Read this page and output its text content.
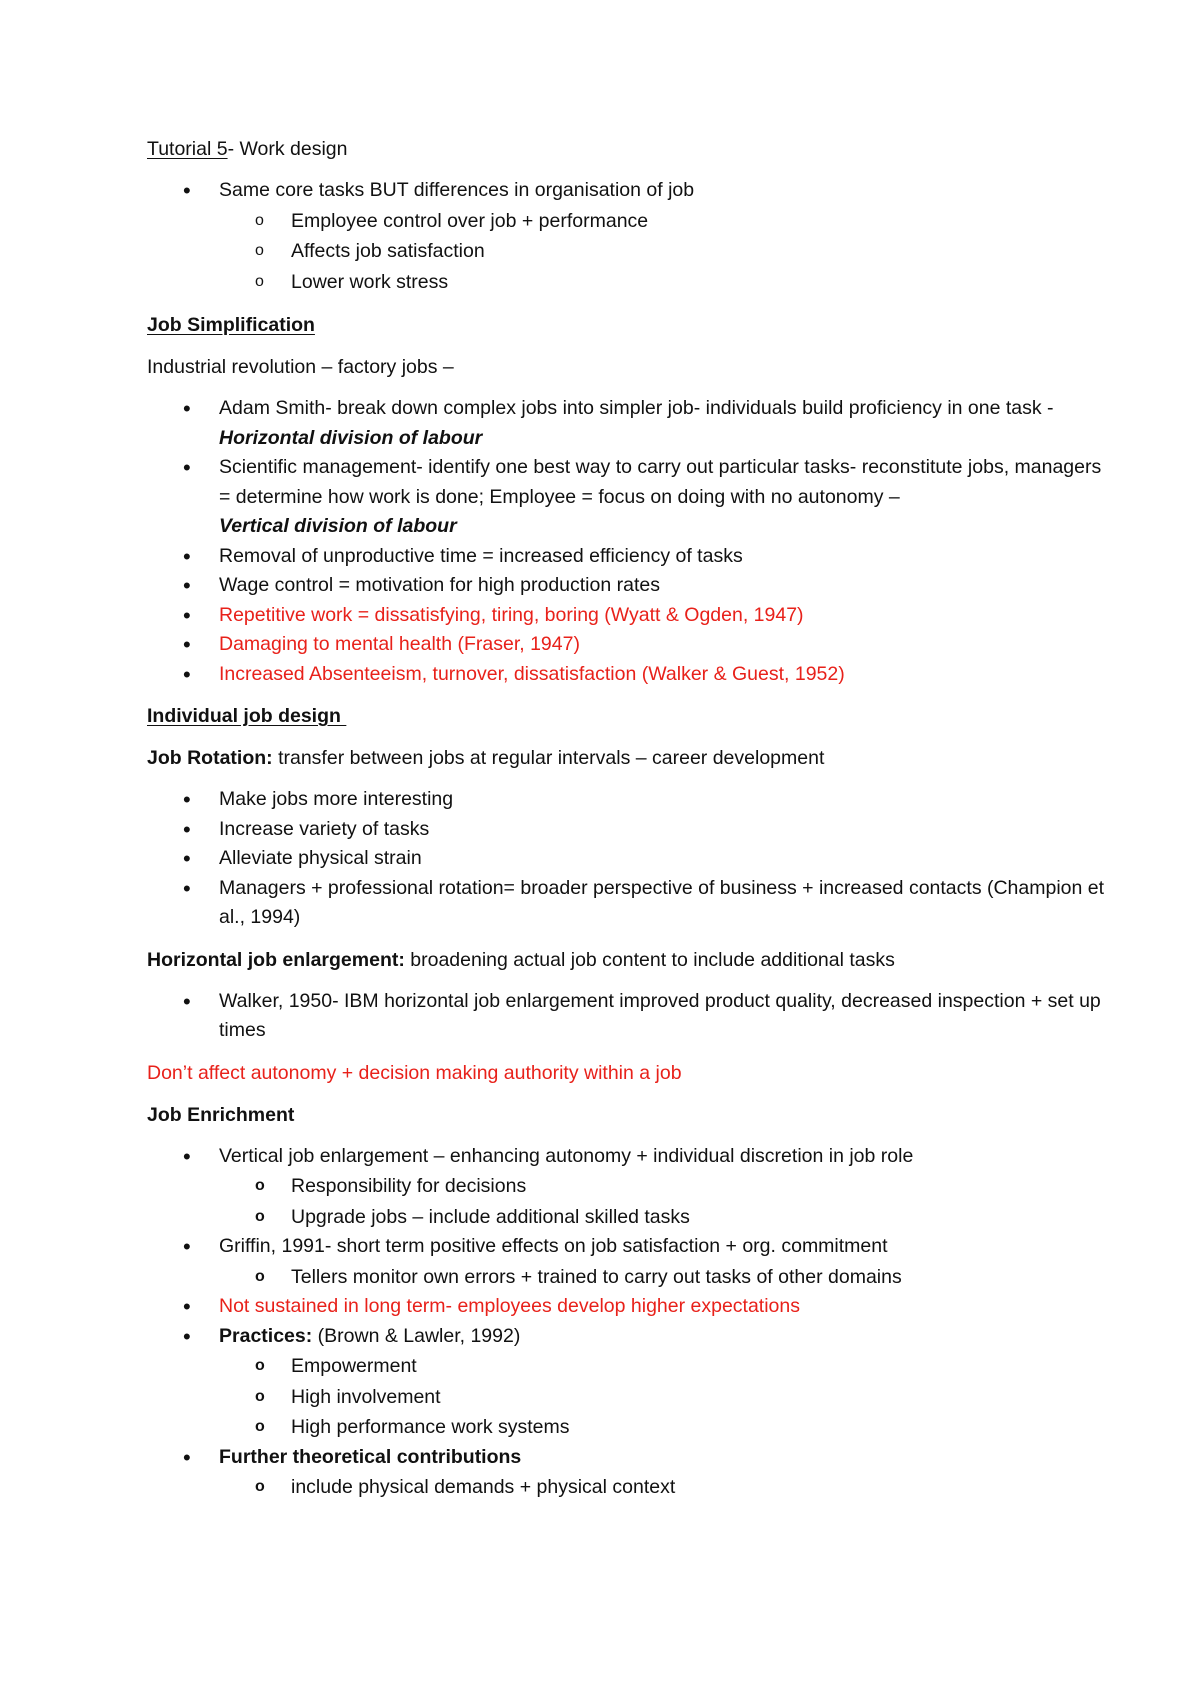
Tutorial 5- Work design

• Same core tasks BUT differences in organisation of job
o Employee control over job + performance
o Affects job satisfaction
o Lower work stress

Job Simplification

Industrial revolution – factory jobs –

• Adam Smith- break down complex jobs into simpler job- individuals build proficiency in one task -Horizontal division of labour
• Scientific management- identify one best way to carry out particular tasks- reconstitute jobs, managers = determine how work is done; Employee = focus on doing with no autonomy –
Vertical division of labour
• Removal of unproductive time = increased efficiency of tasks
• Wage control = motivation for high production rates
• Repetitive work = dissatisfying, tiring, boring (Wyatt & Ogden, 1947)
• Damaging to mental health (Fraser, 1947)
• Increased Absenteeism, turnover, dissatisfaction (Walker & Guest, 1952)

Individual job design

Job Rotation: transfer between jobs at regular intervals – career development

• Make jobs more interesting
• Increase variety of tasks
• Alleviate physical strain
• Managers + professional rotation= broader perspective of business + increased contacts (Champion et al., 1994)

Horizontal job enlargement: broadening actual job content to include additional tasks

• Walker, 1950- IBM horizontal job enlargement improved product quality, decreased inspection + set up times

Don’t affect autonomy + decision making authority within a job

Job Enrichment

• Vertical job enlargement – enhancing autonomy + individual discretion in job role
o Responsibility for decisions
o Upgrade jobs – include additional skilled tasks
• Griffin, 1991- short term positive effects on job satisfaction + org. commitment
o Tellers monitor own errors + trained to carry out tasks of other domains
• Not sustained in long term- employees develop higher expectations
• Practices: (Brown & Lawler, 1992)
o Empowerment
o High involvement
o High performance work systems
• Further theoretical contributions
o include physical demands + physical context
